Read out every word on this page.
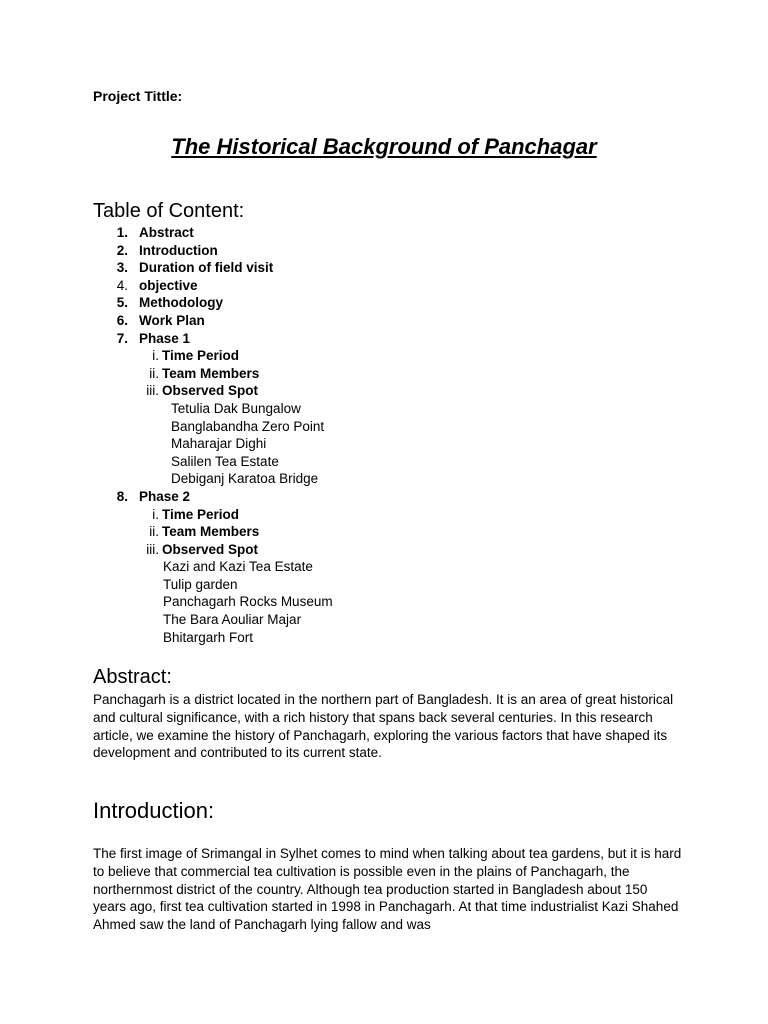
Project Tittle:
The Historical Background of Panchagar
Table of Content:
1. Abstract
2. Introduction
3. Duration of field visit
4. objective
5. Methodology
6. Work Plan
7. Phase 1
i. Time Period
ii. Team Members
iii. Observed Spot
Tetulia Dak Bungalow
Banglabandha Zero Point
Maharajar Dighi
Salilen Tea Estate
Debiganj Karatoa Bridge
8. Phase 2
i. Time Period
ii. Team Members
iii. Observed Spot
Kazi and Kazi Tea Estate
Tulip garden
Panchagarh Rocks Museum
The Bara Aouliar Majar
Bhitargarh Fort
Abstract:
Panchagarh is a district located in the northern part of Bangladesh. It is an area of great historical and cultural significance, with a rich history that spans back several centuries. In this research article, we examine the history of Panchagarh, exploring the various factors that have shaped its development and contributed to its current state.
Introduction:
The first image of Srimangal in Sylhet comes to mind when talking about tea gardens, but it is hard to believe that commercial tea cultivation is possible even in the plains of Panchagarh, the northernmost district of the country. Although tea production started in Bangladesh about 150 years ago, first tea cultivation started in 1998 in Panchagarh. At that time industrialist Kazi Shahed Ahmed saw the land of Panchagarh lying fallow and was
